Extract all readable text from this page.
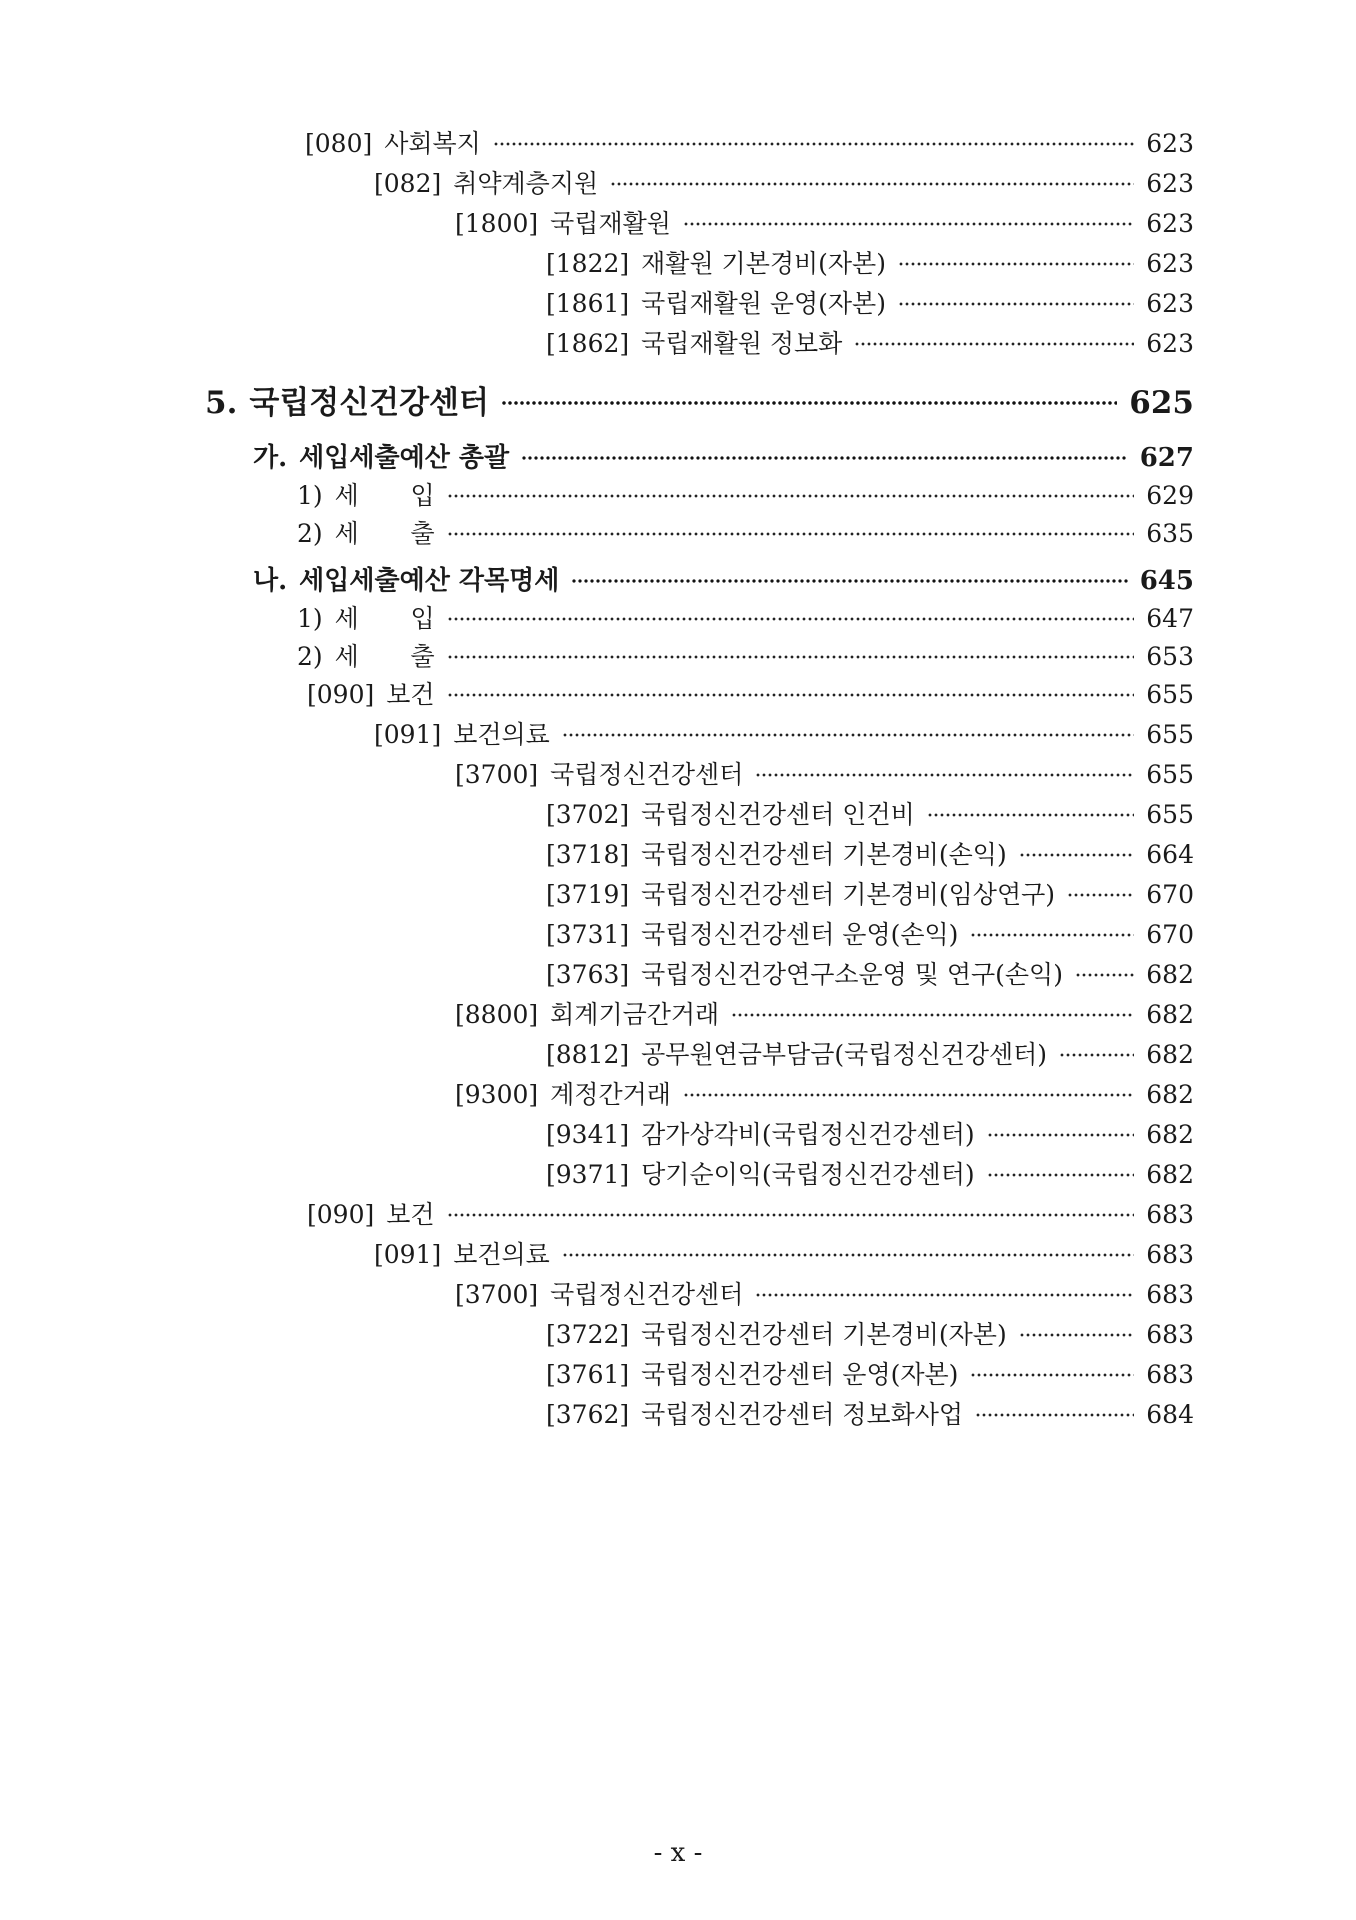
[080] 사회복지	623
[082] 취약계층지원	623
[1800] 국립재활원	623
[1822] 재활원 기본경비(자본)	623
[1861] 국립재활원 운영(자본)	623
[1862] 국립재활원 정보화	623
5. 국립정신건강센터	625
가. 세입세출예산 총괄	627
1) 세 입	629
2) 세 출	635
나. 세입세출예산 각목명세	645
1) 세 입	647
2) 세 출	653
[090] 보건	655
[091] 보건의료	655
[3700] 국립정신건강센터	655
[3702] 국립정신건강센터 인건비	655
[3718] 국립정신건강센터 기본경비(손익)	664
[3719] 국립정신건강센터 기본경비(임상연구)	670
[3731] 국립정신건강센터 운영(손익)	670
[3763] 국립정신건강연구소운영 및 연구(손익)	682
[8800] 회계기금간거래	682
[8812] 공무원연금부담금(국립정신건강센터)	682
[9300] 계정간거래	682
[9341] 감가상각비(국립정신건강센터)	682
[9371] 당기순이익(국립정신건강센터)	682
[090] 보건	683
[091] 보건의료	683
[3700] 국립정신건강센터	683
[3722] 국립정신건강센터 기본경비(자본)	683
[3761] 국립정신건강센터 운영(자본)	683
[3762] 국립정신건강센터 정보화사업	684
- x -
